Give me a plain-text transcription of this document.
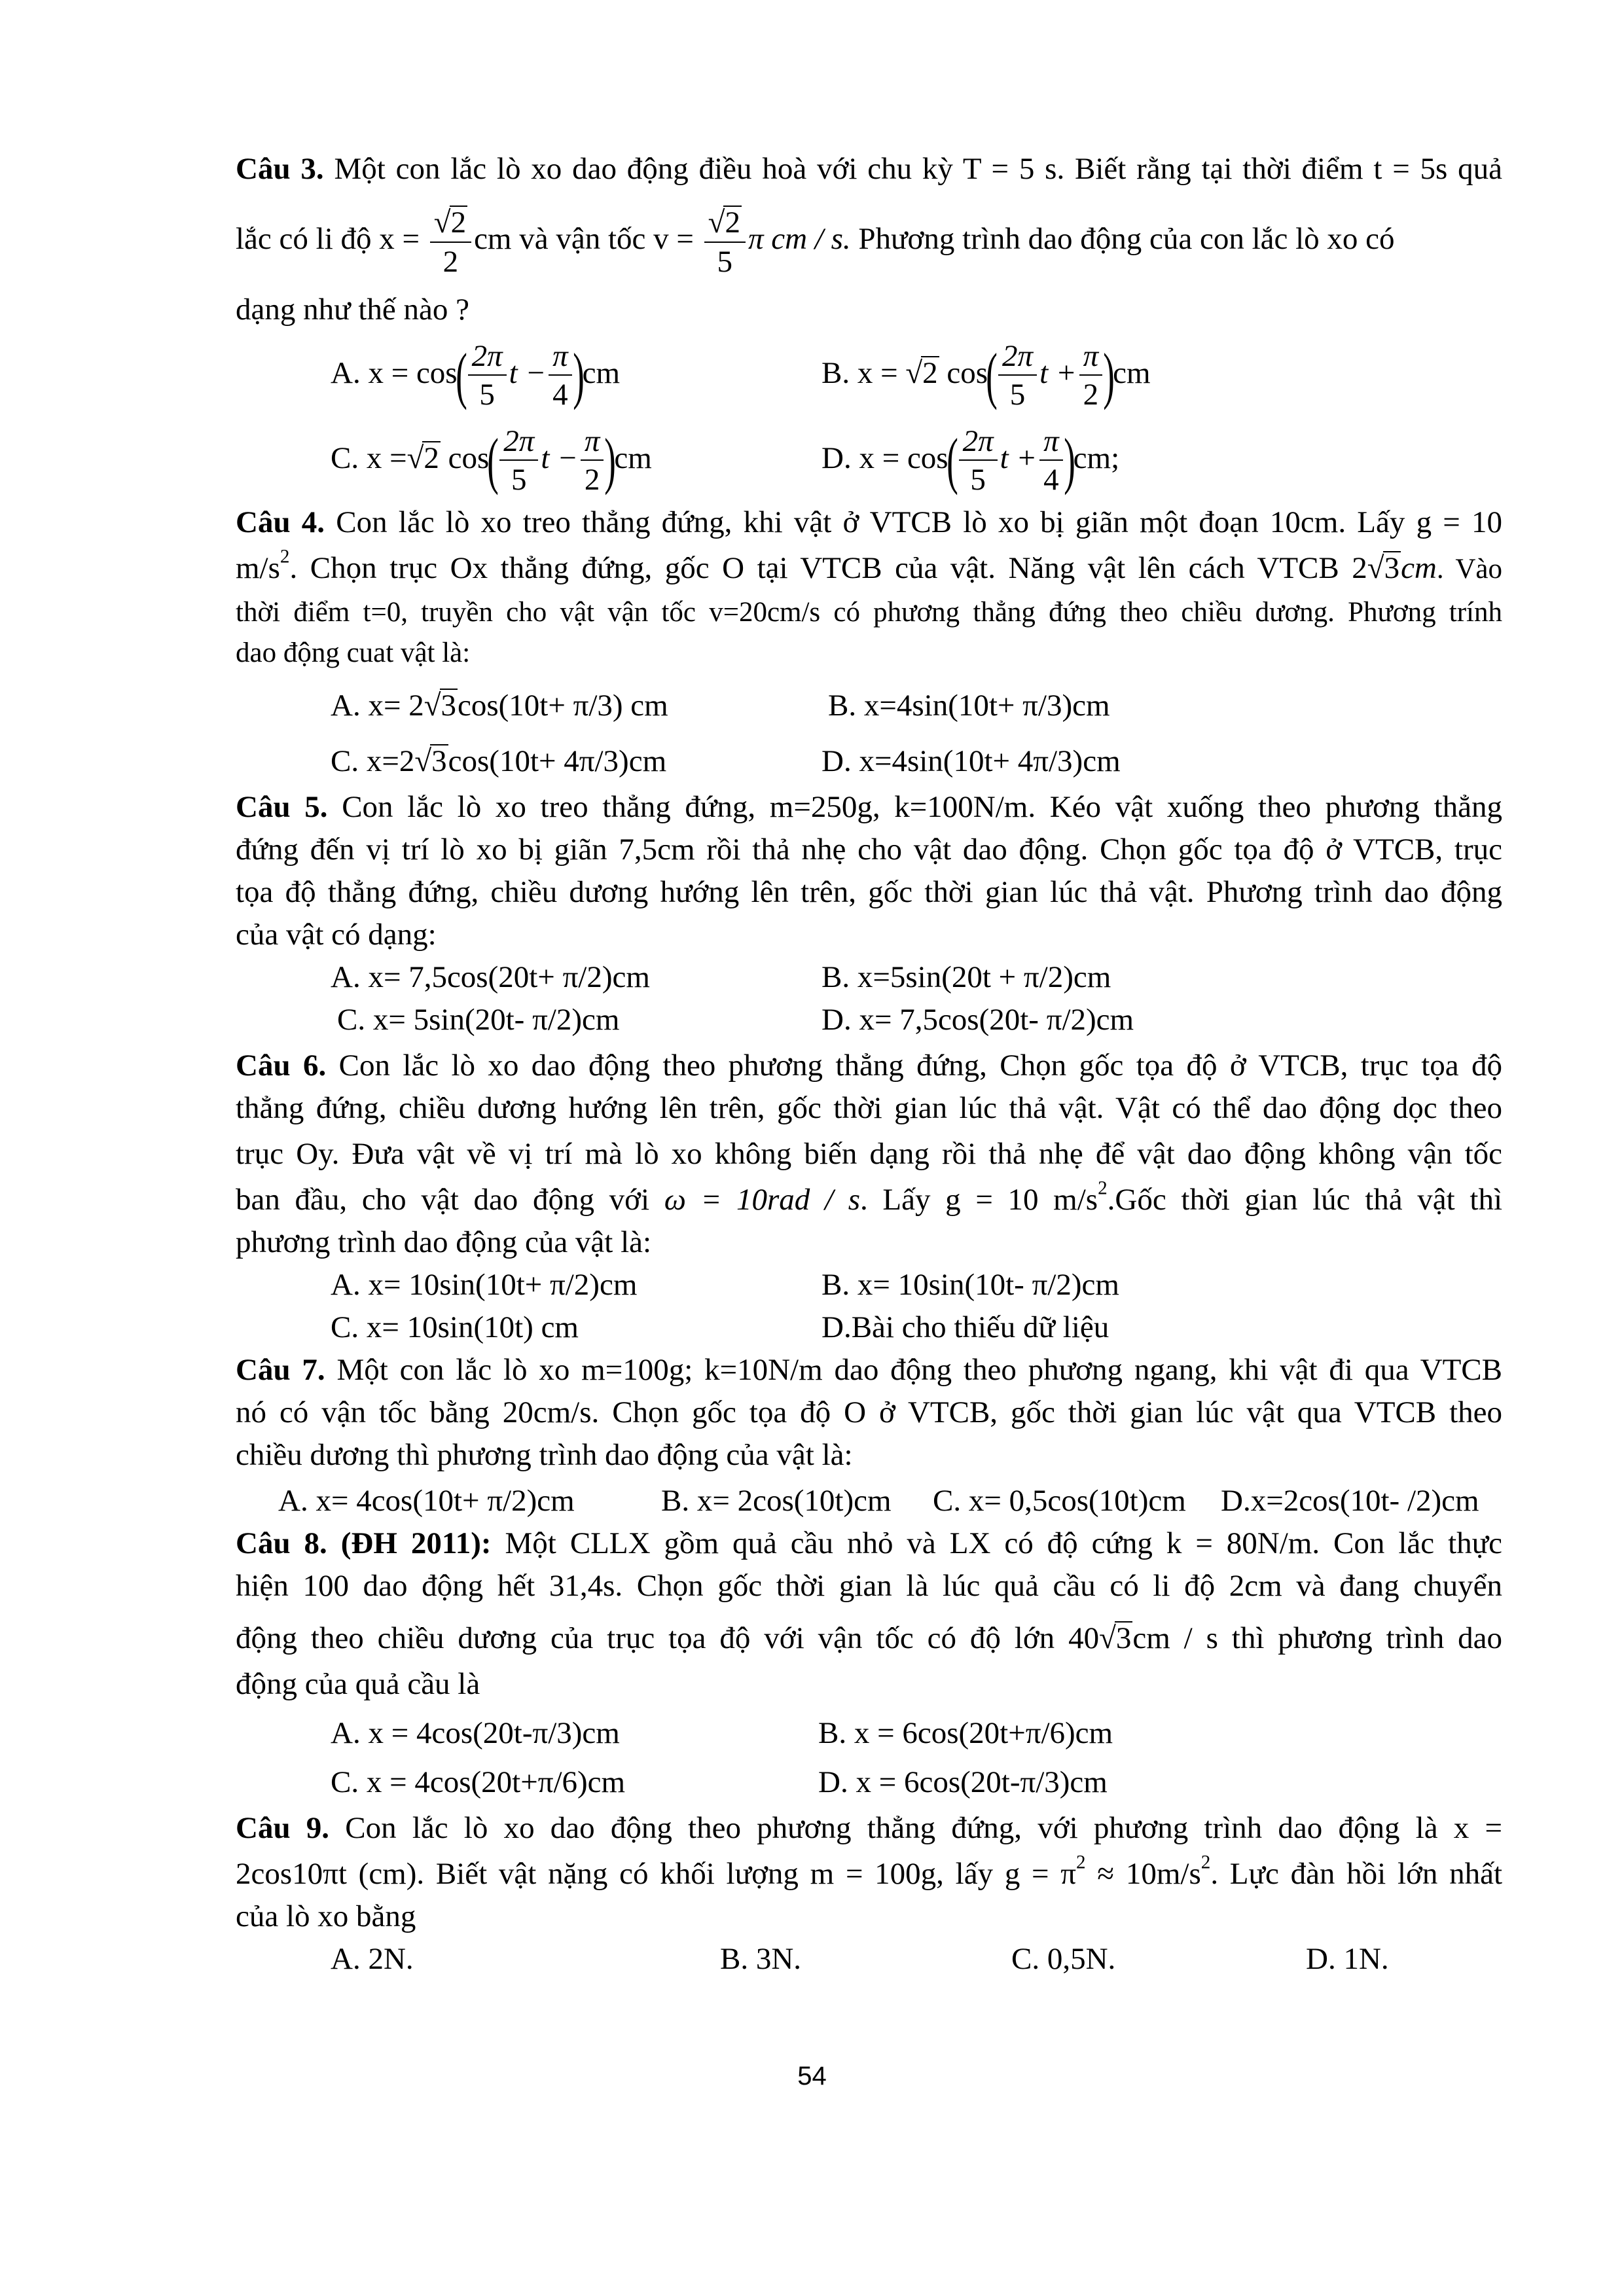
Câu 3. Một con lắc lò xo dao động điều hoà với chu kỳ T = 5 s. Biết rằng tại thời điểm t = 5s quả
lắc có li độ $x = \frac{√2}{2}$ cm và vận tốc $v = \frac{√2}{5}$ π cm / s. Phương trình dao động của con lắc lò xo có
dạng như thế nào ?
A. $x = \cos( \frac{2\pi}{5}$ $t - \frac{\pi}{4} )cm$	B. x = √2 $\cos( \frac{2\pi}{5}$ $t + \frac{\pi}{2} )cm$
C. x =√2 $\cos( \frac{2\pi}{5}$ $t - \frac{\pi}{2} )cm$	D. $x = \cos( \frac{2\pi}{5}$ $t + \frac{\pi}{4} )cm$;
Câu 4. Con lắc lò xo treo thẳng đứng, khi vật ở VTCB lò xo bị giãn một đoạn 10cm. Lấy g = 10
$m/s^2$. Chọn trục Ox thẳng đứng, gốc O tại VTCB của vật. Năng vật lên cách VTCB 2√3cm. Vào
thời điểm t=0, truyền cho vật vận tốc v=20cm/s có phương thẳng đứng theo chiều dương. Phương trính
dao động cuat vật là:
A. x= 2√3cos(10t+ π/3) cm	B. x=4sin(10t+ π/3)cm
C. x=2√3cos(10t+ 4π/3)cm	D. x=4sin(10t+ 4π/3)cm
Câu 5. Con lắc lò xo treo thẳng đứng, m=250g, k=100N/m. Kéo vật xuống theo phương thẳng
đứng đến vị trí lò xo bị giãn 7,5cm rồi thả nhẹ cho vật dao động. Chọn gốc tọa độ ở VTCB, trục
tọa độ thẳng đứng, chiều dương hướng lên trên, gốc thời gian lúc thả vật. Phương trình dao động
của vật có dạng:
A. x= 7,5cos(20t+ π/2)cm	B. x=5sin(20t + π/2)cm
C. x= 5sin(20t- π/2)cm	D. x= 7,5cos(20t- π/2)cm
Câu 6. Con lắc lò xo dao động theo phương thẳng đứng, Chọn gốc tọa độ ở VTCB, trục tọa độ
thẳng đứng, chiều dương hướng lên trên, gốc thời gian lúc thả vật. Vật có thể dao động dọc theo
trục Oy. Đưa vật về vị trí mà lò xo không biến dạng rồi thả nhẹ để vật dao động không vận tốc
ban đầu, cho vật dao động với ω = 10rad / s. Lấy g = 10 $m/s^2.Gốc$ thời gian lúc thả vật thì
phương trình dao động của vật là:
A. x= 10sin(10t+ π/2)cm	B. x= 10sin(10t- π/2)cm
C. x= 10sin(10t) cm	D.Bài cho thiếu dữ liệu
Câu 7. Một con lắc lò xo m=100g; k=10N/m dao động theo phương ngang, khi vật đi qua VTCB
nó có vận tốc bằng 20cm/s. Chọn gốc tọa độ O ở VTCB, gốc thời gian lúc vật qua VTCB theo
chiều dương thì phương trình dao động của vật là:
A. x= 4cos(10t+ π/2)cm	B. x= 2cos(10t)cm C. x= 0,5cos(10t)cm D.x=2cos(10t- /2)cm
Câu 8. (ĐH 2011): Một CLLX gồm quả cầu nhỏ và LX có độ cứng k = 80N/m. Con lắc thực
hiện 100 dao động hết 31,4s. Chọn gốc thời gian là lúc quả cầu có li độ 2cm và đang chuyển
động theo chiều dương của trục tọa độ với vận tốc có độ lớn 40√3cm / s thì phương trình dao
động của quả cầu là
A. x = 4cos(20t-π/3)cm	B. x = 6cos(20t+π/6)cm
C. x = 4cos(20t+π/6)cm	D. x = 6cos(20t-π/3)cm
Câu 9. Con lắc lò xo dao động theo phương thẳng đứng, với phương trình dao động là x =
2cos10πt (cm). Biết vật nặng có khối lượng m = 100g, lấy $g = \pi^2 \approx 10m/s^2$. Lực đàn hồi lớn nhất
của lò xo bằng
A. 2N.	B. 3N.	C. 0,5N.	D. 1N.
54
